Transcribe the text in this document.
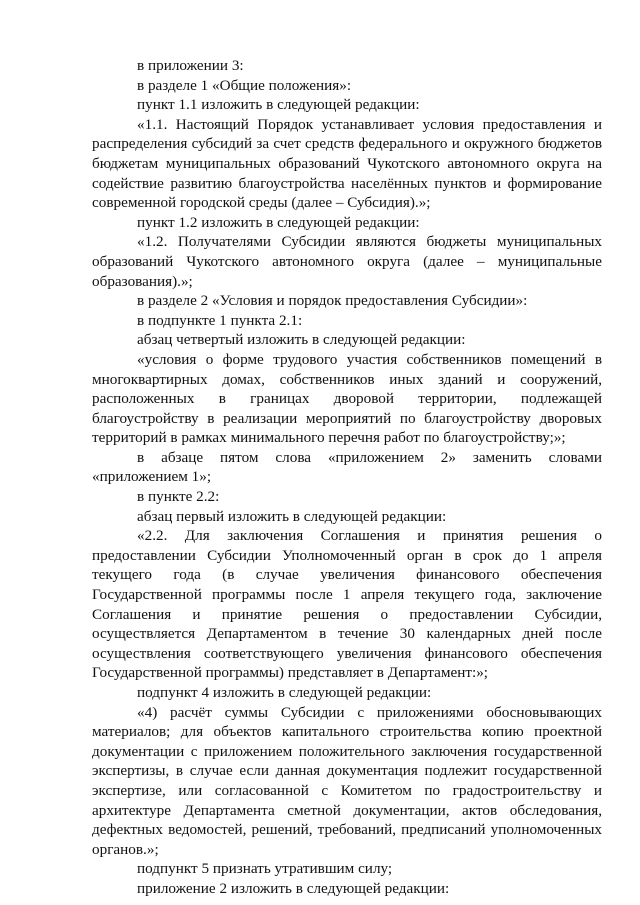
в приложении 3:

в разделе 1 «Общие положения»:

пункт 1.1 изложить в следующей редакции:

«1.1. Настоящий Порядок устанавливает условия предоставления и распределения субсидий за счет средств федерального и окружного бюджетов бюджетам муниципальных образований Чукотского автономного округа на содействие развитию благоустройства населённых пунктов и формирование современной городской среды (далее – Субсидия).»;

пункт 1.2 изложить в следующей редакции:

«1.2. Получателями Субсидии являются бюджеты муниципальных образований Чукотского автономного округа (далее – муниципальные образования).»;

в разделе 2 «Условия и порядок предоставления Субсидии»:

в подпункте 1 пункта 2.1:

абзац четвертый изложить в следующей редакции:

«условия о форме трудового участия собственников помещений в многоквартирных домах, собственников иных зданий и сооружений, расположенных в границах дворовой территории, подлежащей благоустройству в реализации мероприятий по благоустройству дворовых территорий в рамках минимального перечня работ по благоустройству;»;

в абзаце пятом слова «приложением 2» заменить словами «приложением 1»;

в пункте 2.2:

абзац первый изложить в следующей редакции:

«2.2. Для заключения Соглашения и принятия решения о предоставлении Субсидии Уполномоченный орган в срок до 1 апреля текущего года (в случае увеличения финансового обеспечения Государственной программы после 1 апреля текущего года, заключение Соглашения и принятие решения о предоставлении Субсидии, осуществляется Департаментом в течение 30 календарных дней после осуществления соответствующего увеличения финансового обеспечения Государственной программы) представляет в Департамент:»;

подпункт 4 изложить в следующей редакции:

«4) расчёт суммы Субсидии с приложениями обосновывающих материалов; для объектов капитального строительства копию проектной документации с приложением положительного заключения государственной экспертизы, в случае если данная документация подлежит государственной экспертизе, или согласованной с Комитетом по градостроительству и архитектуре Департамента сметной документации, актов обследования, дефектных ведомостей, решений, требований, предписаний уполномоченных органов.»;

подпункт 5 признать утратившим силу;

приложение 2 изложить в следующей редакции:
